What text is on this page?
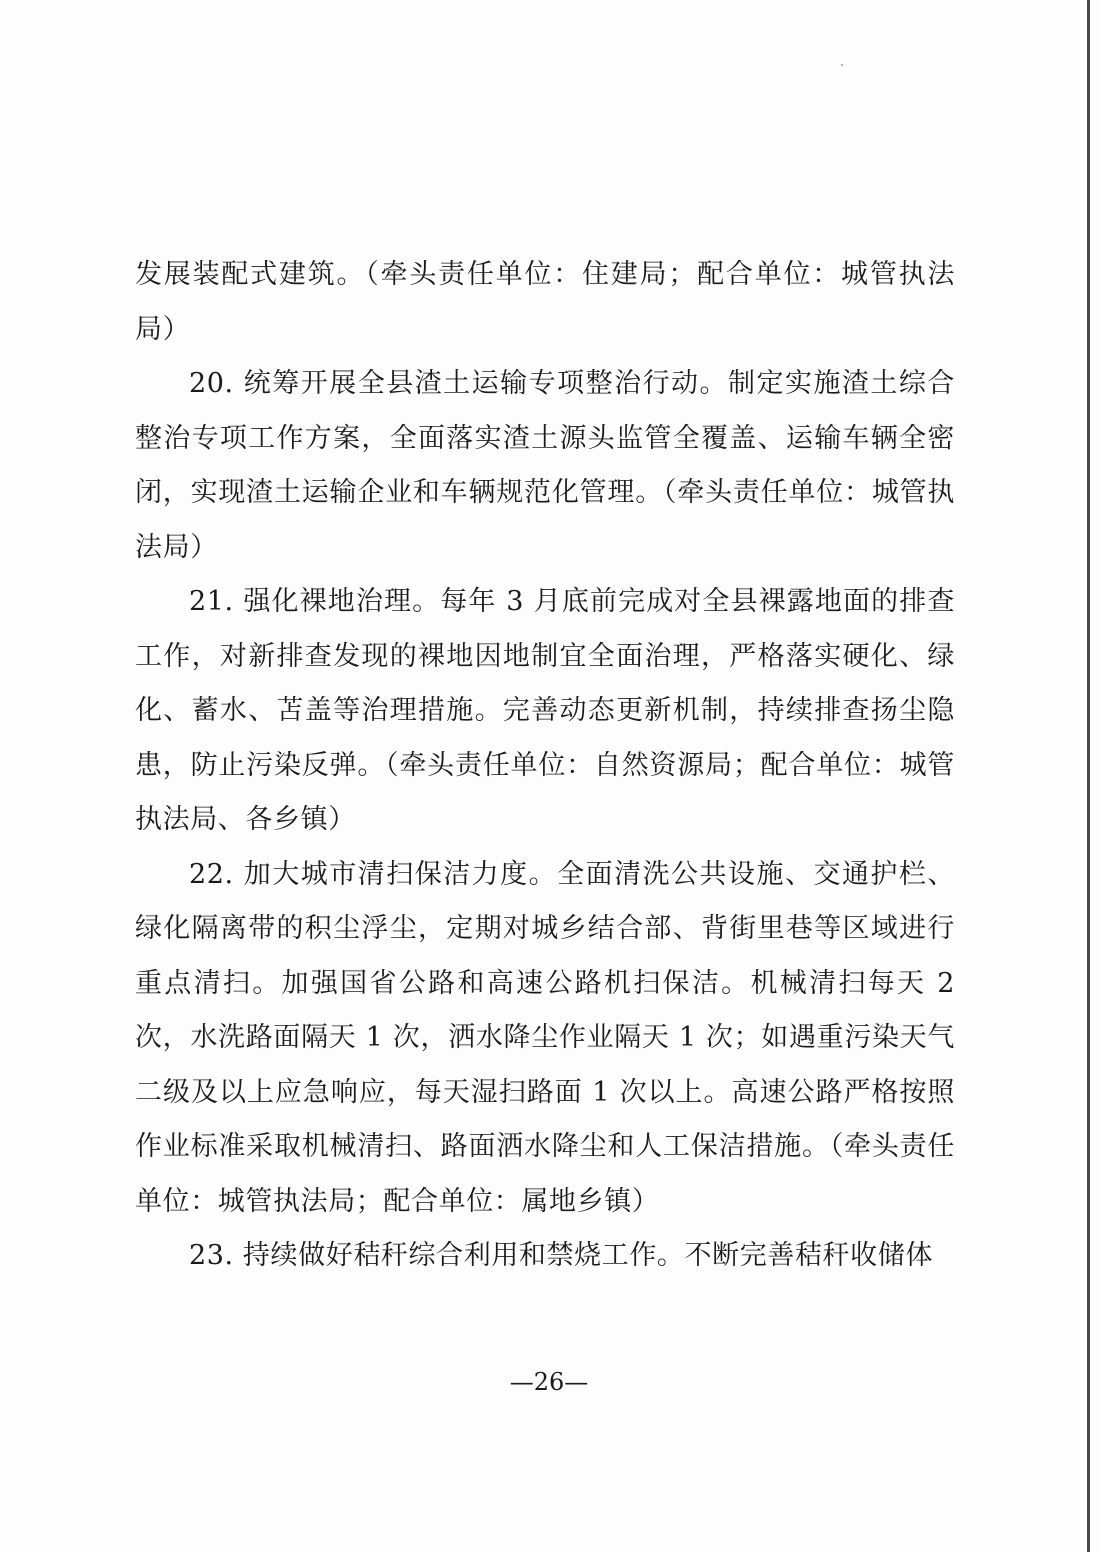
发展装配式建筑。（牵头责任单位：住建局；配合单位：城管执法局）

20. 统筹开展全县渣土运输专项整治行动。制定实施渣土综合整治专项工作方案，全面落实渣土源头监管全覆盖、运输车辆全密闭，实现渣土运输企业和车辆规范化管理。（牵头责任单位：城管执法局）

21. 强化裸地治理。每年 3 月底前完成对全县裸露地面的排查工作，对新排查发现的裸地因地制宜全面治理，严格落实硬化、绿化、蓄水、苫盖等治理措施。完善动态更新机制，持续排查扬尘隐患，防止污染反弹。（牵头责任单位：自然资源局；配合单位：城管执法局、各乡镇）

22. 加大城市清扫保洁力度。全面清洗公共设施、交通护栏、绿化隔离带的积尘浮尘，定期对城乡结合部、背街里巷等区域进行重点清扫。加强国省公路和高速公路机扫保洁。机械清扫每天 2 次，水洗路面隔天 1 次，洒水降尘作业隔天 1 次；如遇重污染天气二级及以上应急响应，每天湿扫路面 1 次以上。高速公路严格按照作业标准采取机械清扫、路面洒水降尘和人工保洁措施。（牵头责任单位：城管执法局；配合单位：属地乡镇）

23. 持续做好秸秆综合利用和禁烧工作。不断完善秸秆收储体

—26—
